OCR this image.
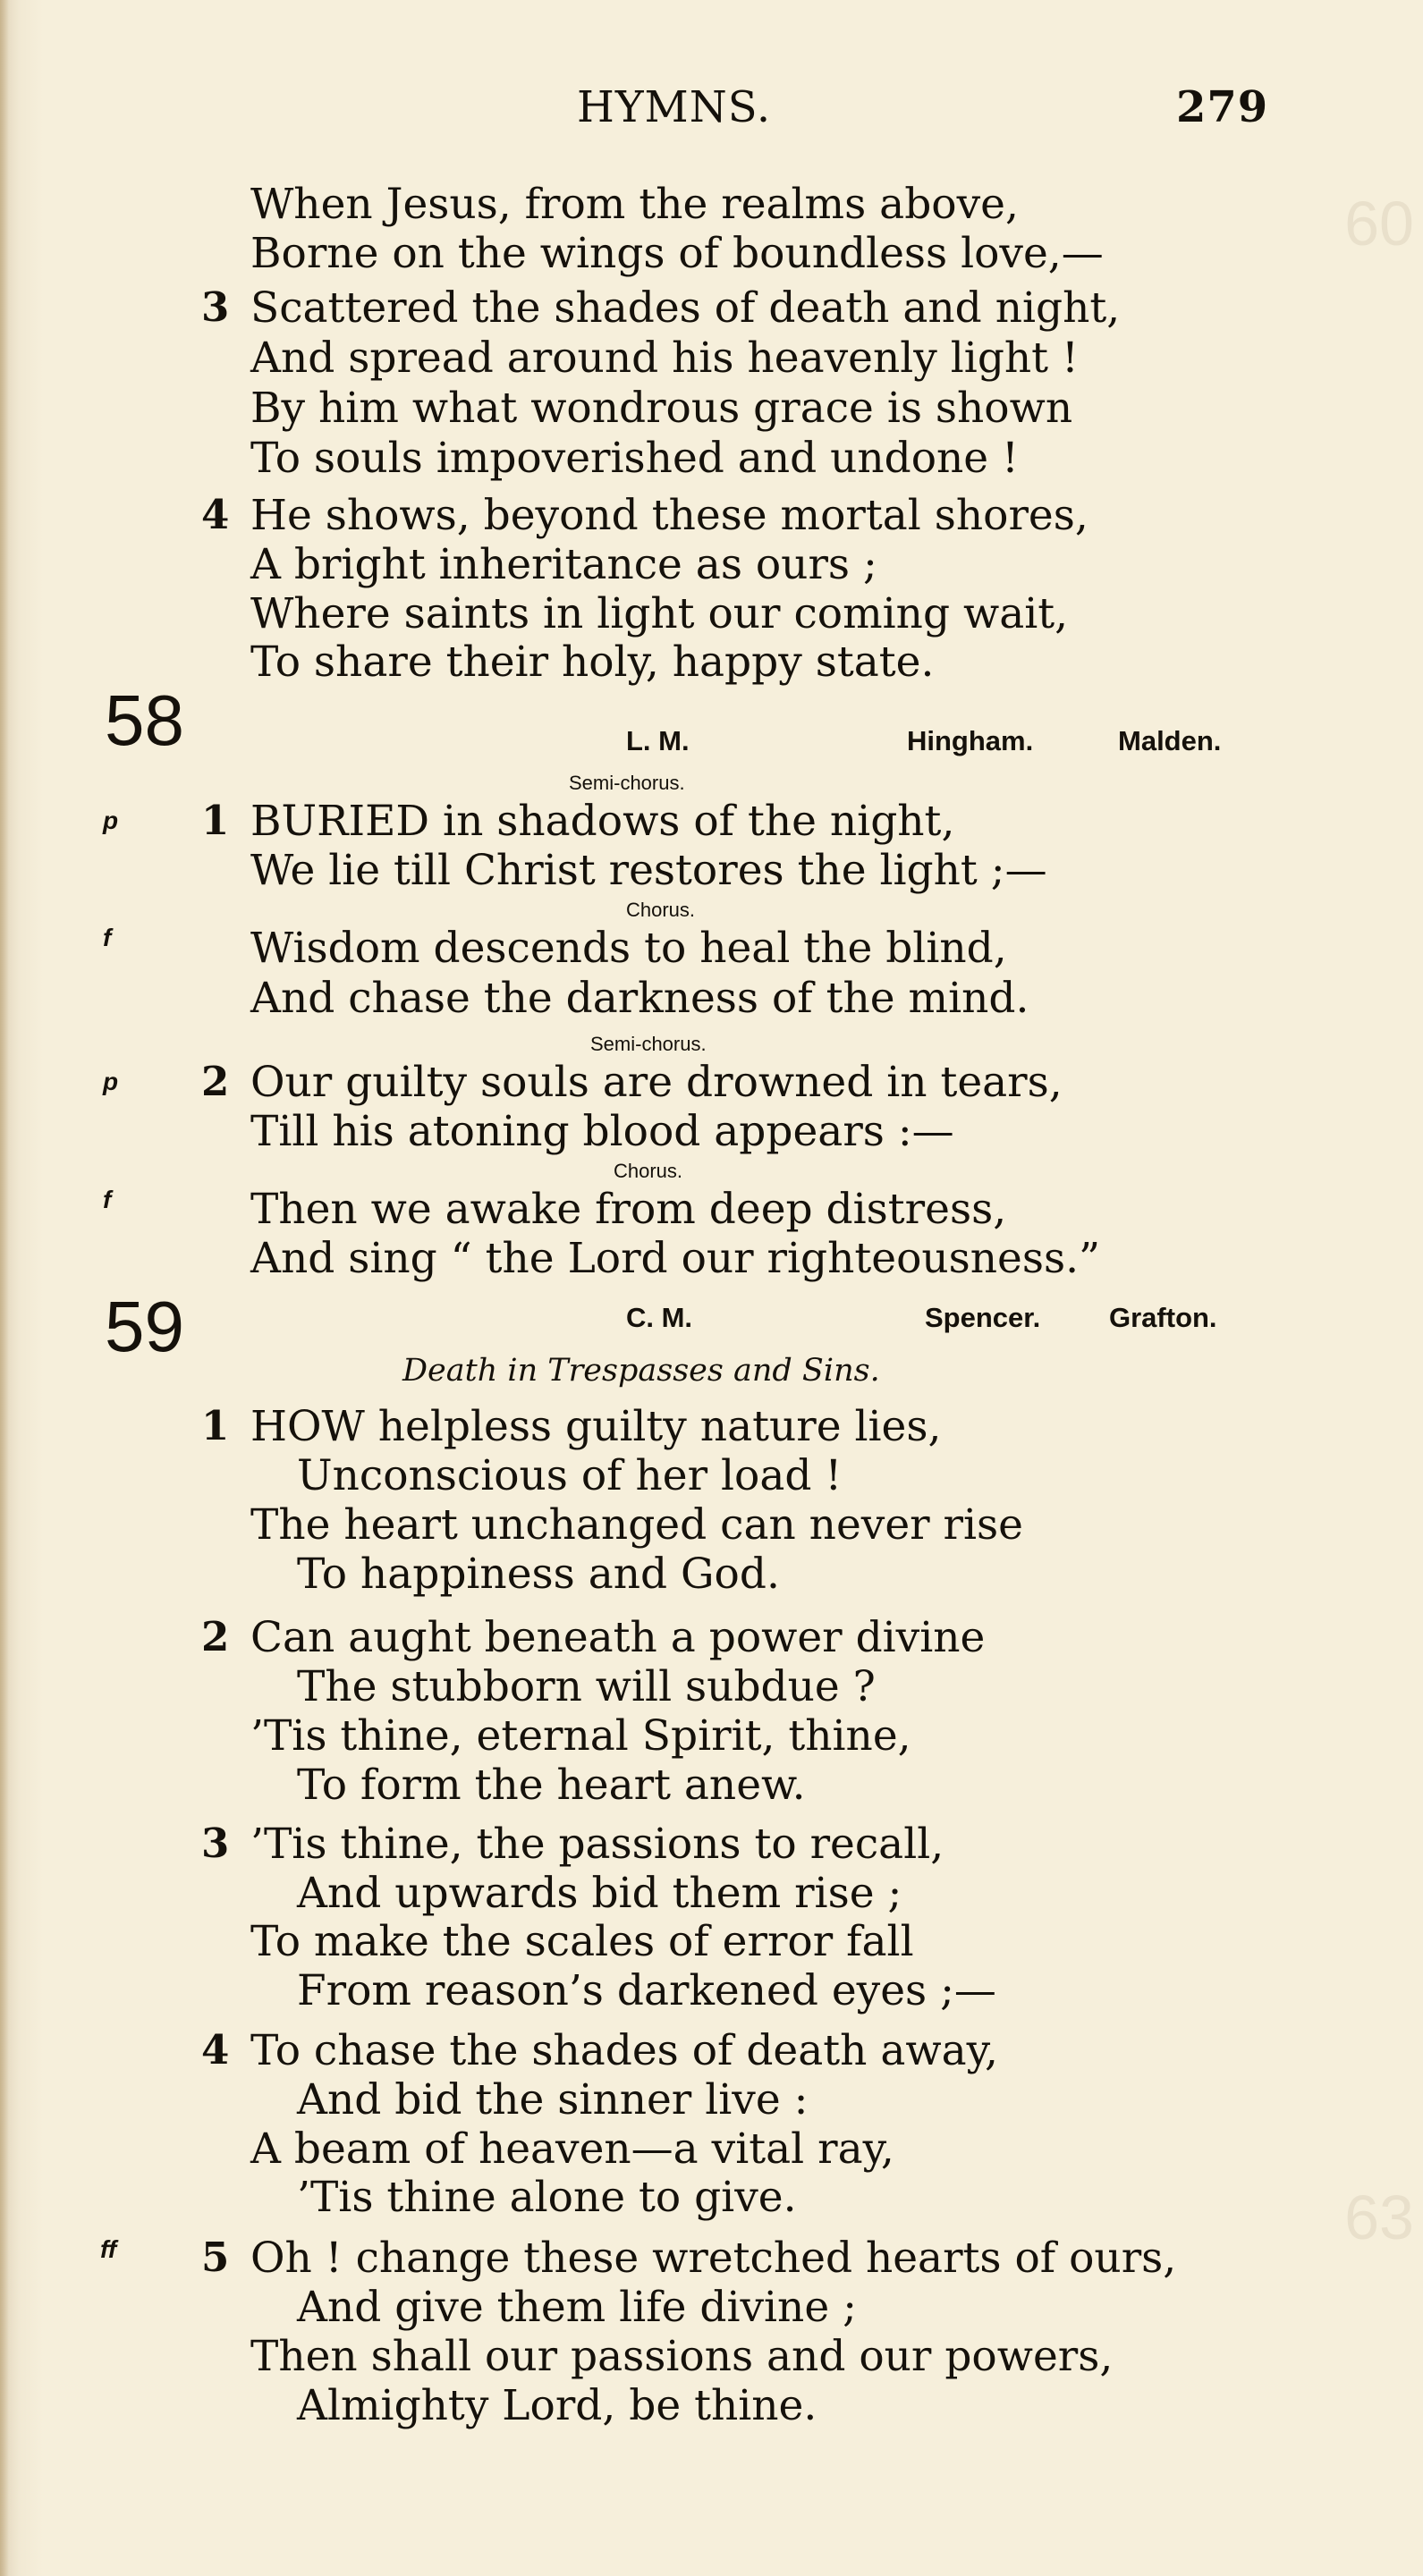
60
63
HYMNS.	279
When Jesus, from the realms above,
Borne on the wings of boundless love,—
3 Scattered the shades of death and night,
And spread around his heavenly light !
By him what wondrous grace is shown
To souls impoverished and undone !
4 He shows, beyond these mortal shores,
A bright inheritance as ours ;
Where saints in light our coming wait,
To share their holy, happy state.
58	L. M.	Hingham.	Malden.
Semi-chorus.
p 1 BURIED in shadows of the night,
We lie till Christ restores the light ;—
Chorus.
f	Wisdom descends to heal the blind,
And chase the darkness of the mind.
Semi-chorus.
p 2 Our guilty souls are drowned in tears,
Till his atoning blood appears :—
Chorus.
f	Then we awake from deep distress,
And sing “ the Lord our righteousness.”
59	C. M.	Spencer. Grafton.
Death in Trespasses and Sins.
1 HOW helpless guilty nature lies,
Unconscious of her load !
The heart unchanged can never rise
To happiness and God.
2 Can aught beneath a power divine
The stubborn will subdue ?
’Tis thine, eternal Spirit, thine,
To form the heart anew.
3 ’Tis thine, the passions to recall,
And upwards bid them rise ;
To make the scales of error fall
From reason’s darkened eyes ;—
4 To chase the shades of death away,
And bid the sinner live :
A beam of heaven—a vital ray,
’Tis thine alone to give.
ff 5 Oh ! change these wretched hearts of ours,
And give them life divine ;
Then shall our passions and our powers,
Almighty Lord, be thine.
